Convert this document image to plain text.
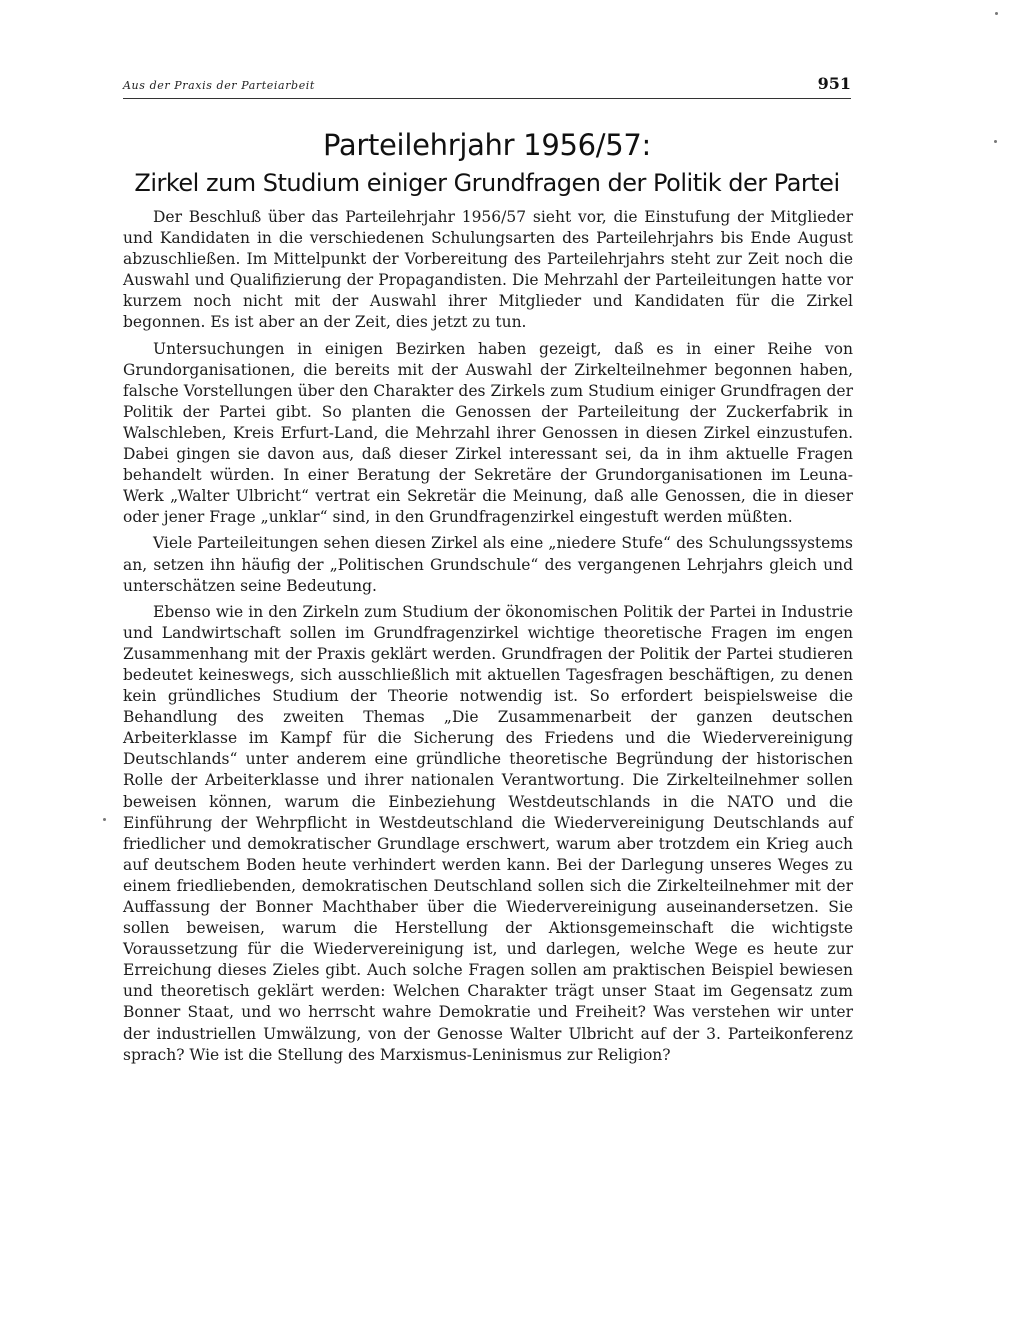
Aus der Praxis der Parteiarbeit	951
Parteilehrjahr 1956/57:
Zirkel zum Studium einiger Grundfragen der Politik der Partei

Der Beschluß über das Parteilehrjahr 1956/57 sieht vor, die Einstufung der Mitglieder und Kandidaten in die verschiedenen Schulungsarten des Parteilehrjahrs bis Ende August abzuschließen. Im Mittelpunkt der Vorbereitung des Parteilehrjahrs steht zur Zeit noch die Auswahl und Qualifizierung der Propagandisten. Die Mehrzahl der Parteileitungen hatte vor kurzem noch nicht mit der Auswahl ihrer Mitglieder und Kandidaten für die Zirkel begonnen. Es ist aber an der Zeit, dies jetzt zu tun.

Untersuchungen in einigen Bezirken haben gezeigt, daß es in einer Reihe von Grundorganisationen, die bereits mit der Auswahl der Zirkelteilnehmer begonnen haben, falsche Vorstellungen über den Charakter des Zirkels zum Studium einiger Grundfragen der Politik der Partei gibt. So planten die Genossen der Parteileitung der Zuckerfabrik in Walschleben, Kreis Erfurt-Land, die Mehrzahl ihrer Genossen in diesen Zirkel einzustufen. Dabei gingen sie davon aus, daß dieser Zirkel interessant sei, da in ihm aktuelle Fragen behandelt würden. In einer Beratung der Sekretäre der Grundorganisationen im Leuna-Werk „Walter Ulbricht“ vertrat ein Sekretär die Meinung, daß alle Genossen, die in dieser oder jener Frage „unklar“ sind, in den Grundfragenzirkel eingestuft werden müßten.

Viele Parteileitungen sehen diesen Zirkel als eine „niedere Stufe“ des Schulungssystems an, setzen ihn häufig der „Politischen Grundschule“ des vergangenen Lehrjahrs gleich und unterschätzen seine Bedeutung.

Ebenso wie in den Zirkeln zum Studium der ökonomischen Politik der Partei in Industrie und Landwirtschaft sollen im Grundfragenzirkel wichtige theoretische Fragen im engen Zusammenhang mit der Praxis geklärt werden. Grundfragen der Politik der Partei studieren bedeutet keineswegs, sich ausschließlich mit aktuellen Tagesfragen beschäftigen, zu denen kein gründliches Studium der Theorie notwendig ist. So erfordert beispielsweise die Behandlung des zweiten Themas „Die Zusammenarbeit der ganzen deutschen Arbeiterklasse im Kampf für die Sicherung des Friedens und die Wiedervereinigung Deutschlands“ unter anderem eine gründliche theoretische Begründung der historischen Rolle der Arbeiterklasse und ihrer nationalen Verantwortung. Die Zirkelteilnehmer sollen beweisen können, warum die Einbeziehung Westdeutschlands in die NATO und die Einführung der Wehrpflicht in Westdeutschland die Wiedervereinigung Deutschlands auf friedlicher und demokratischer Grundlage erschwert, warum aber trotzdem ein Krieg auch auf deutschem Boden heute verhindert werden kann. Bei der Darlegung unseres Weges zu einem friedliebenden, demokratischen Deutschland sollen sich die Zirkelteilnehmer mit der Auffassung der Bonner Machthaber über die Wiedervereinigung auseinandersetzen. Sie sollen beweisen, warum die Herstellung der Aktionsgemeinschaft die wichtigste Voraussetzung für die Wiedervereinigung ist, und darlegen, welche Wege es heute zur Erreichung dieses Zieles gibt. Auch solche Fragen sollen am praktischen Beispiel bewiesen und theoretisch geklärt werden: Welchen Charakter trägt unser Staat im Gegensatz zum Bonner Staat, und wo herrscht wahre Demokratie und Freiheit? Was verstehen wir unter der industriellen Umwälzung, von der Genosse Walter Ulbricht auf der 3. Parteikonferenz sprach? Wie ist die Stellung des Marxismus-Leninismus zur Religion?
